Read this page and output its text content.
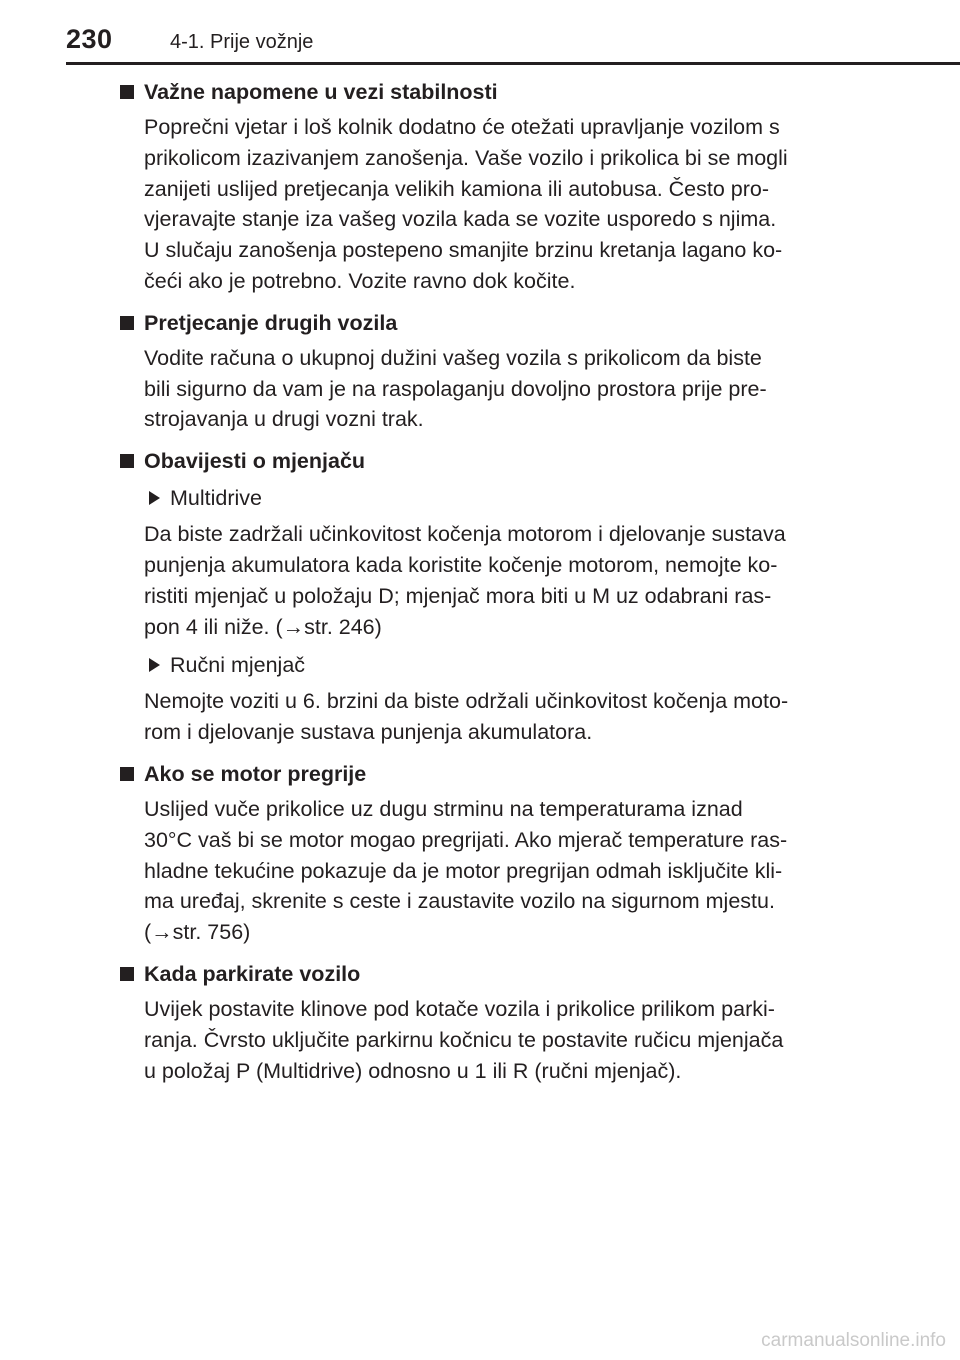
230	4-1. Prije vožnje
Važne napomene u vezi stabilnosti

Poprečni vjetar i loš kolnik dodatno će otežati upravljanje vozilom s
prikolicom izazivanjem zanošenja. Vaše vozilo i prikolica bi se mogli
zanijeti uslijed pretjecanja velikih kamiona ili autobusa. Često pro-
vjeravajte stanje iza vašeg vozila kada se vozite usporedo s njima.
U slučaju zanošenja postepeno smanjite brzinu kretanja lagano ko-
čeći ako je potrebno. Vozite ravno dok kočite.

Pretjecanje drugih vozila

Vodite računa o ukupnoj dužini vašeg vozila s prikolicom da biste
bili sigurno da vam je na raspolaganju dovoljno prostora prije pre-
strojavanja u drugi vozni trak.

Obavijesti o mjenjaču
Multidrive

Da biste zadržali učinkovitost kočenja motorom i djelovanje sustava
punjenja akumulatora kada koristite kočenje motorom, nemojte ko-
ristiti mjenjač u položaju D; mjenjač mora biti u M uz odabrani ras-
pon 4 ili niže. (→str. 246)

Ručni mjenjač

Nemojte voziti u 6. brzini da biste održali učinkovitost kočenja moto-
rom i djelovanje sustava punjenja akumulatora.

Ako se motor pregrije

Uslijed vuče prikolice uz dugu strminu na temperaturama iznad
30°C vaš bi se motor mogao pregrijati. Ako mjerač temperature ras-
hladne tekućine pokazuje da je motor pregrijan odmah isključite kli-
ma uređaj, skrenite s ceste i zaustavite vozilo na sigurnom mjestu.
(→str. 756)

Kada parkirate vozilo

Uvijek postavite klinove pod kotače vozila i prikolice prilikom parki-
ranja. Čvrsto uključite parkirnu kočnicu te postavite ručicu mjenjača
u položaj P (Multidrive) odnosno u 1 ili R (ručni mjenjač).

carmanualsonline.info
